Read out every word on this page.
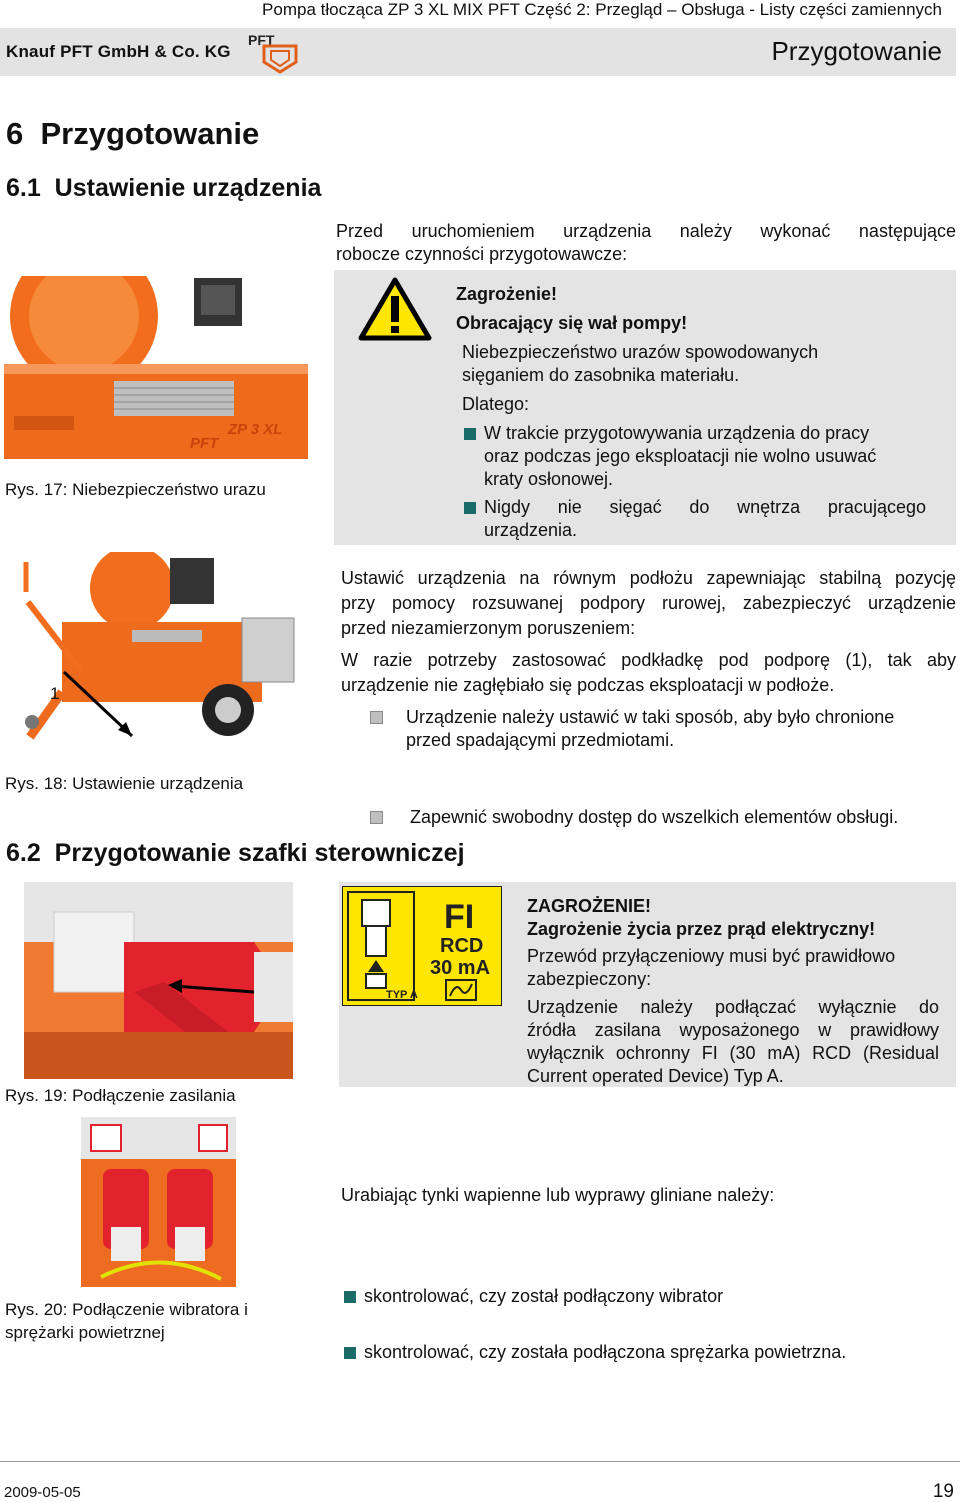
Pompa tłocząca ZP 3 XL MIX PFT Część 2: Przegląd – Obsługa - Listy części zamiennych
Knauf PFT GmbH & Co. KG
PFT	Przygotowanie
6 Przygotowanie
6.1 Ustawienie urządzenia
Przed uruchomieniem urządzenia należy wykonać następujące
robocze czynności przygotowawcze:
PFT
ZP 3 XL
Rys. 17: Niebezpieczeństwo urazu
Zagrożenie!
Obracający się wał pompy!
Niebezpieczeństwo urazów spowodowanych
sięganiem do zasobnika materiału.
Dlatego:
W trakcie przygotowywania urządzenia do pracy
oraz podczas jego eksploatacji nie wolno usuwać
kraty osłonowej.
Nigdy nie sięgać do wnętrza pracującego
urządzenia.
1
Rys. 18: Ustawienie urządzenia
Ustawić urządzenia na równym podłożu zapewniając stabilną pozycję
przy pomocy rozsuwanej podpory rurowej, zabezpieczyć urządzenie
przed niezamierzonym poruszeniem:
W razie potrzeby zastosować podkładkę pod podporę (1), tak aby
urządzenie nie zagłębiało się podczas eksploatacji w podłoże.
Urządzenie należy ustawić w taki sposób, aby było chronione
przed spadającymi przedmiotami.
Zapewnić swobodny dostęp do wszelkich elementów obsługi.
6.2 Przygotowanie szafki sterowniczej
Rys. 19: Podłączenie zasilania
TYP A
FI
RCD
30 mA
ZAGROŻENIE!
Zagrożenie życia przez prąd elektryczny!
Przewód przyłączeniowy musi być prawidłowo
zabezpieczony:
Urządzenie należy podłączać wyłącznie do
źródła zasilana wyposażonego w prawidłowy
wyłącznik ochronny FI (30 mA) RCD (Residual
Current operated Device) Typ A.
Rys. 20: Podłączenie wibratora i
sprężarki powietrznej
Urabiając tynki wapienne lub wyprawy gliniane należy:
skontrolować, czy został podłączony wibrator
skontrolować, czy została podłączona sprężarka powietrzna.
2009-05-05	19
